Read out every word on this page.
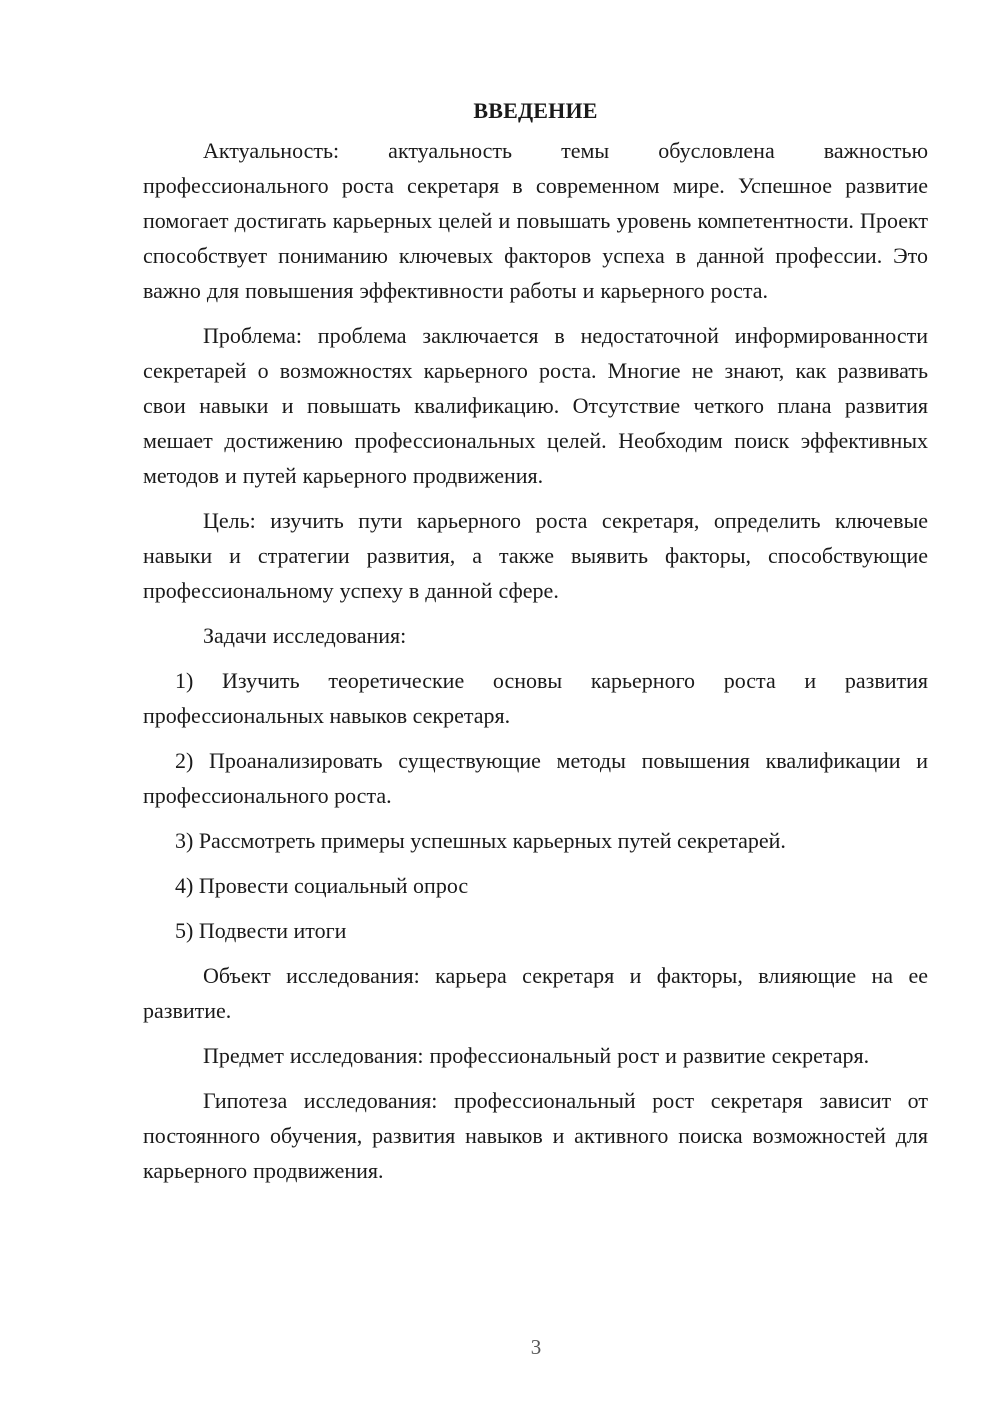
ВВЕДЕНИЕ

Актуальность: актуальность темы обусловлена важностью профессионального роста секретаря в современном мире. Успешное развитие помогает достигать карьерных целей и повышать уровень компетентности. Проект способствует пониманию ключевых факторов успеха в данной профессии. Это важно для повышения эффективности работы и карьерного роста.

Проблема: проблема заключается в недостаточной информированности секретарей о возможностях карьерного роста. Многие не знают, как развивать свои навыки и повышать квалификацию. Отсутствие четкого плана развития мешает достижению профессиональных целей. Необходим поиск эффективных методов и путей карьерного продвижения.

Цель: изучить пути карьерного роста секретаря, определить ключевые навыки и стратегии развития, а также выявить факторы, способствующие профессиональному успеху в данной сфере.

Задачи исследования:

1) Изучить теоретические основы карьерного роста и развития профессиональных навыков секретаря.

2) Проанализировать существующие методы повышения квалификации и профессионального роста.

3) Рассмотреть примеры успешных карьерных путей секретарей.

4) Провести социальный опрос

5) Подвести итоги

Объект исследования: карьера секретаря и факторы, влияющие на ее развитие.

Предмет исследования: профессиональный рост и развитие секретаря.

Гипотеза исследования: профессиональный рост секретаря зависит от постоянного обучения, развития навыков и активного поиска возможностей для карьерного продвижения.

3
